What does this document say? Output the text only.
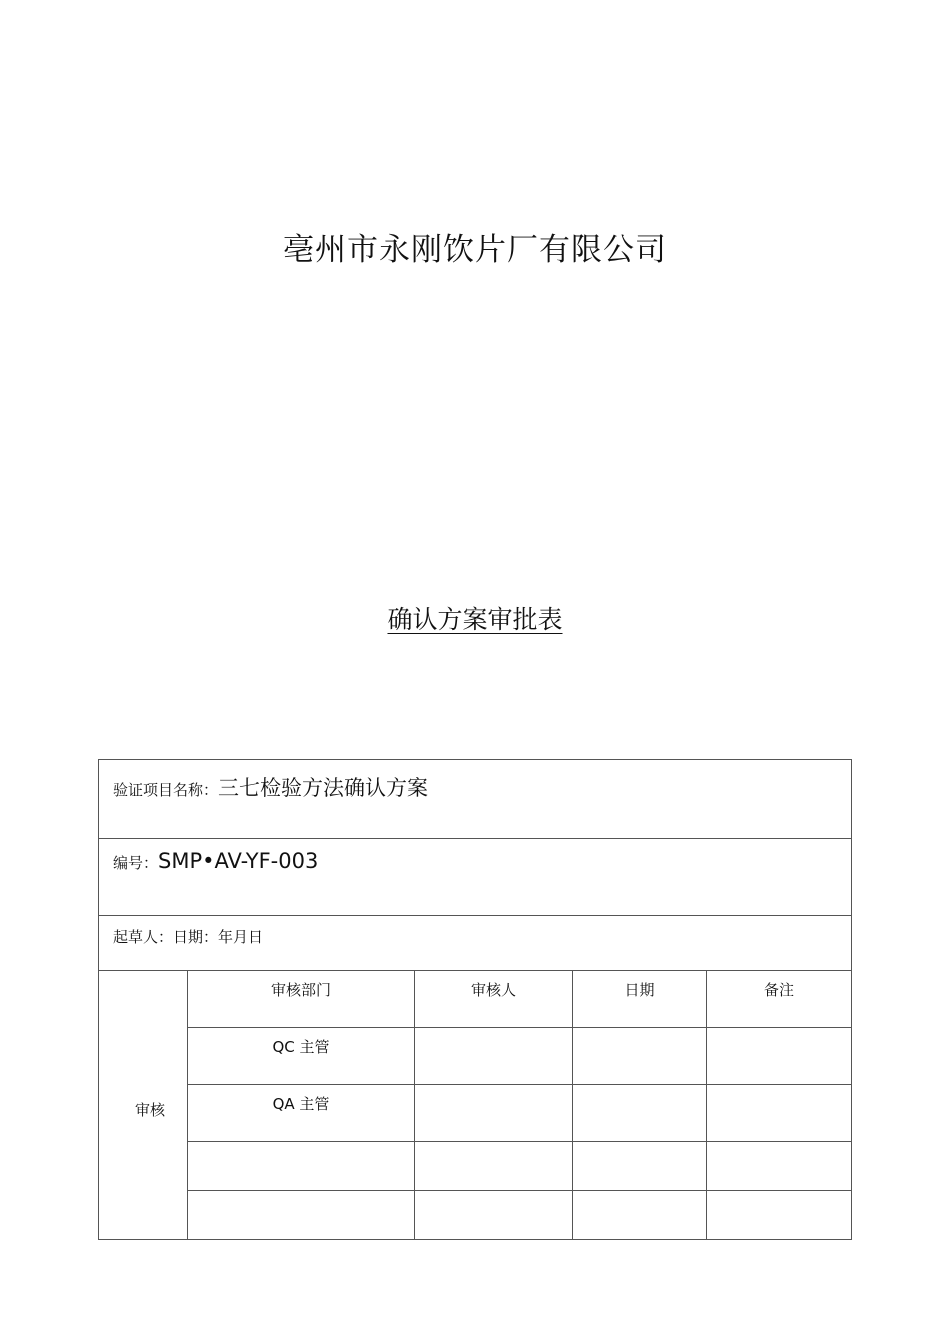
亳州市永刚饮片厂有限公司
确认方案审批表
验证项目名称：三七检验方法确认方案				
编号：SMP•AV-YF-003				
起草人：日期：年月日				
审核	审核部门	审核人	日期	备注
	QC 主管			
	QA 主管			
